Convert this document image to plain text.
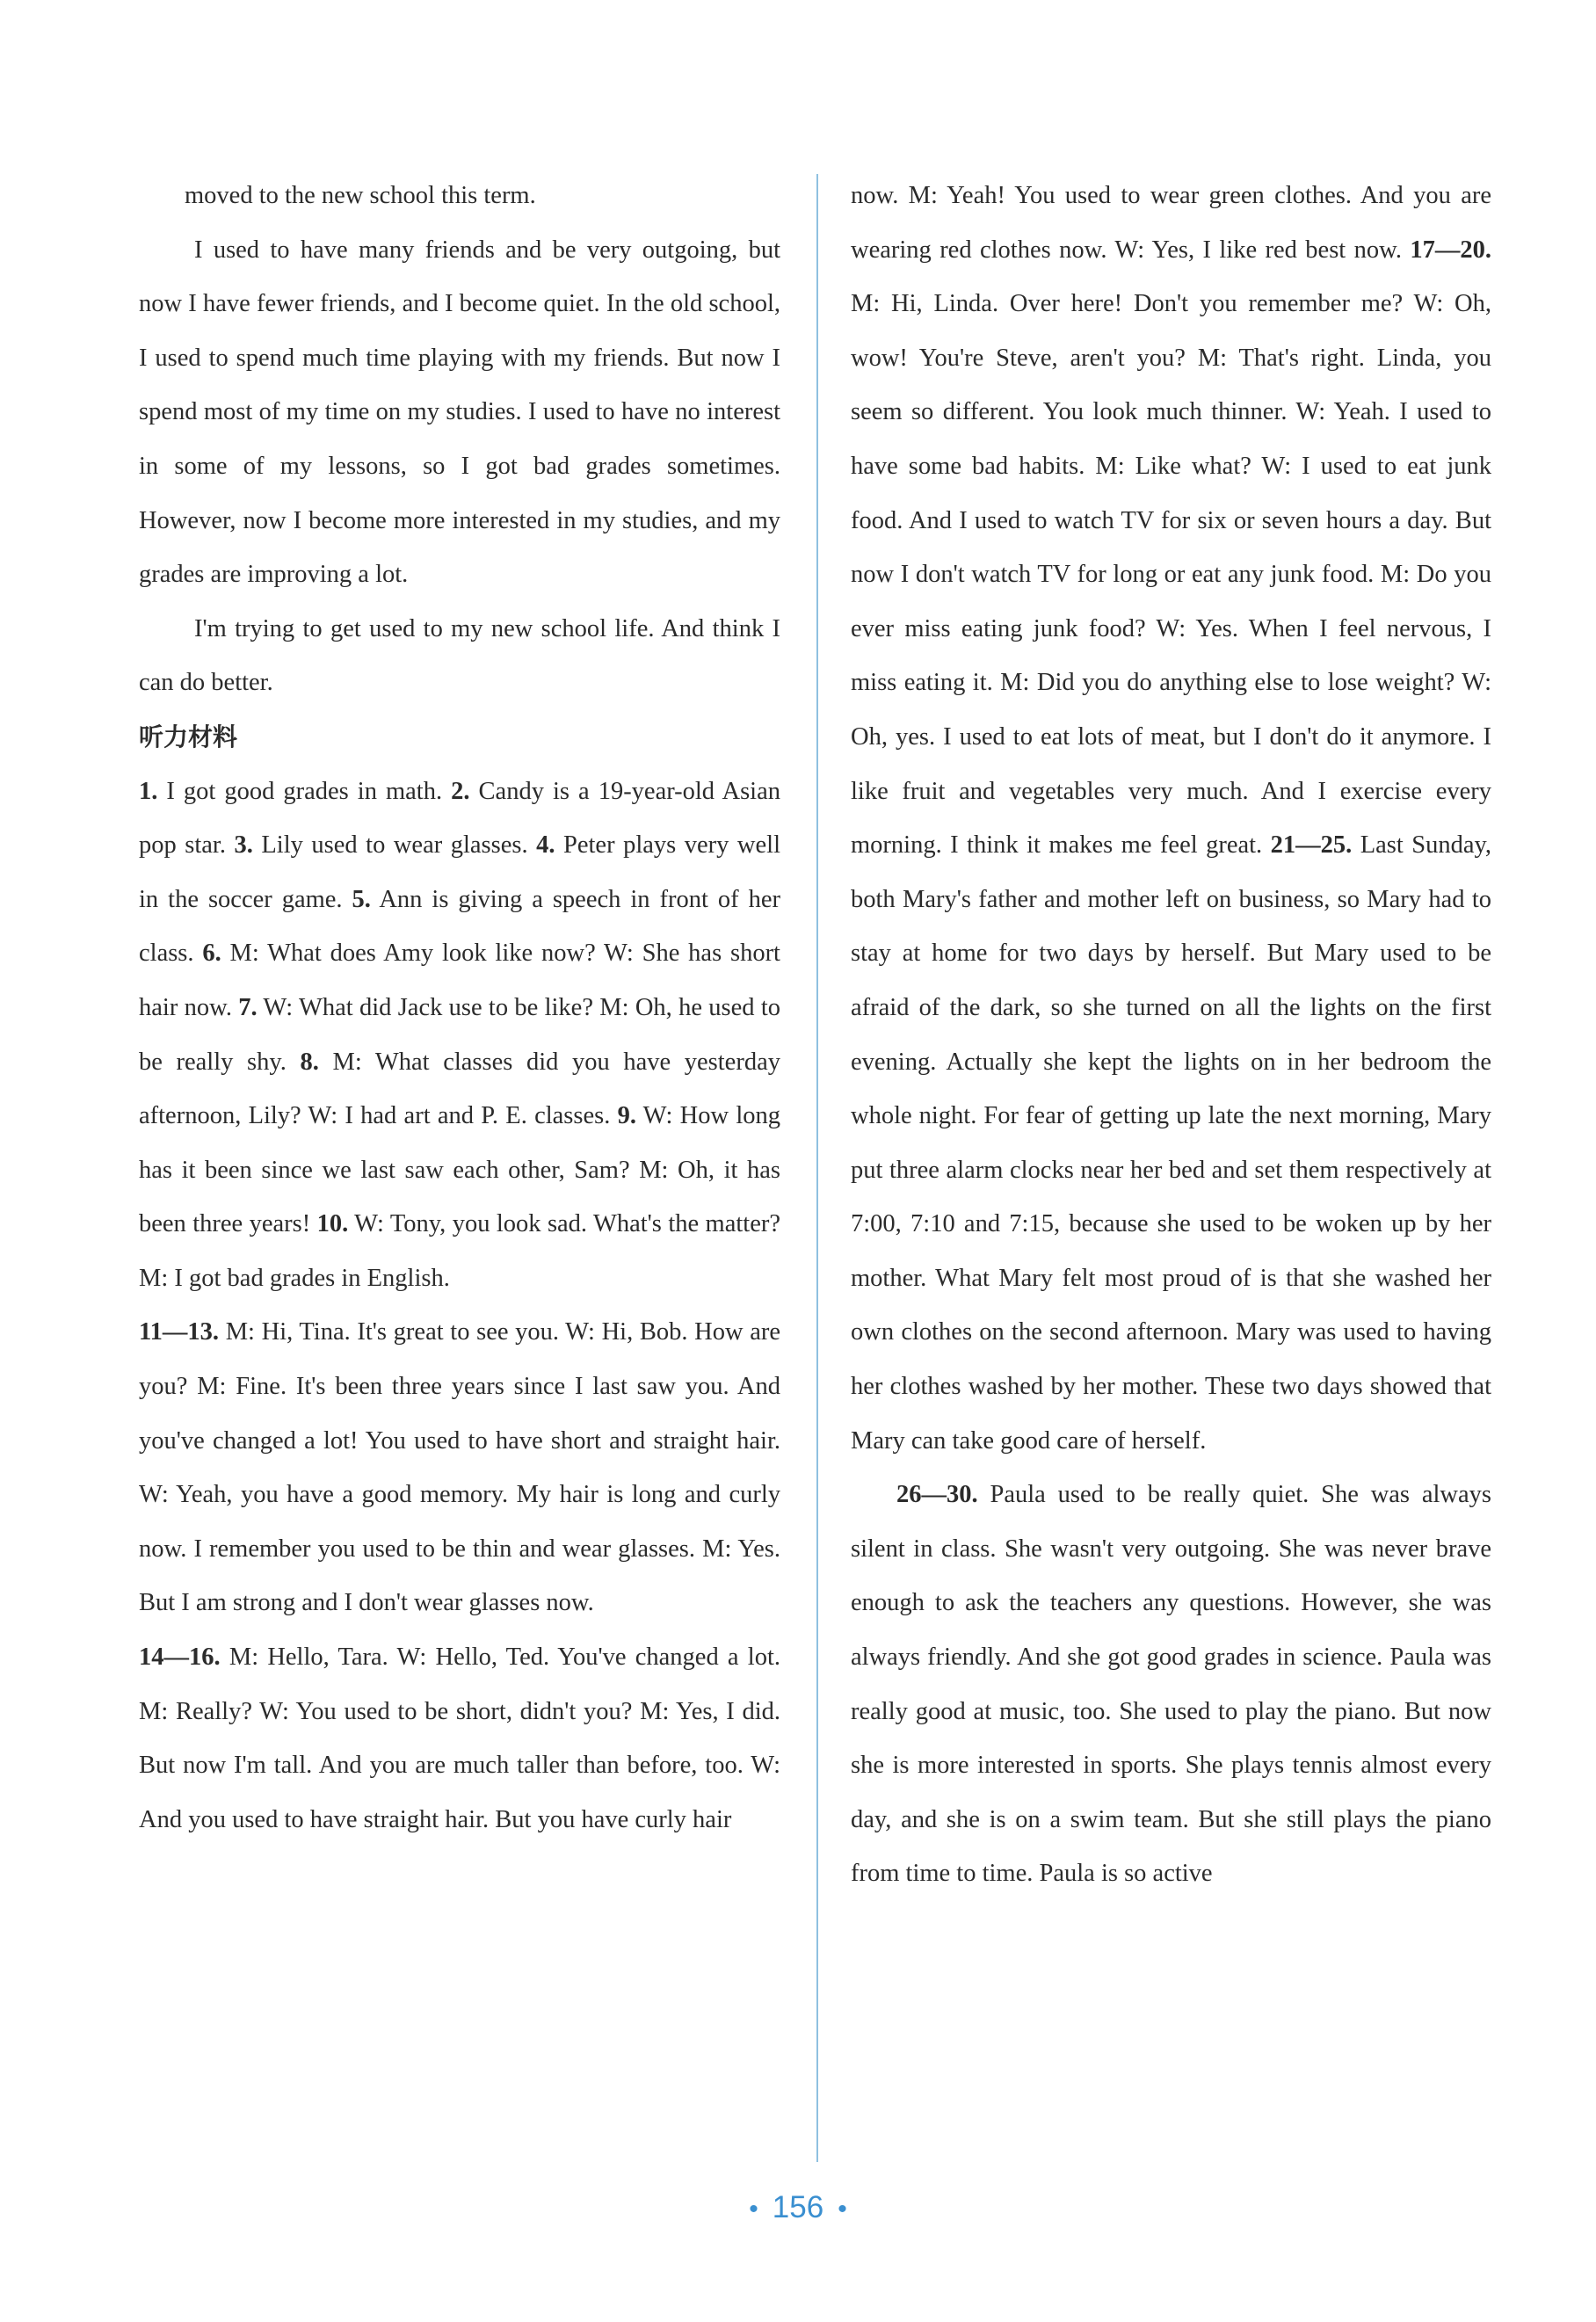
moved to the new school this term.

I used to have many friends and be very outgoing, but now I have fewer friends, and I become quiet. In the old school, I used to spend much time playing with my friends. But now I spend most of my time on my studies. I used to have no interest in some of my lessons, so I got bad grades sometimes. However, now I become more interested in my studies, and my grades are improving a lot.

I'm trying to get used to my new school life. And think I can do better.

听力材料

1. I got good grades in math. 2. Candy is a 19-year-old Asian pop star. 3. Lily used to wear glasses. 4. Peter plays very well in the soccer game. 5. Ann is giving a speech in front of her class. 6. M: What does Amy look like now? W: She has short hair now. 7. W: What did Jack use to be like? M: Oh, he used to be really shy. 8. M: What classes did you have yesterday afternoon, Lily? W: I had art and P. E. classes. 9. W: How long has it been since we last saw each other, Sam? M: Oh, it has been three years! 10. W: Tony, you look sad. What's the matter? M: I got bad grades in English.

11—13. M: Hi, Tina. It's great to see you. W: Hi, Bob. How are you? M: Fine. It's been three years since I last saw you. And you've changed a lot! You used to have short and straight hair. W: Yeah, you have a good memory. My hair is long and curly now. I remember you used to be thin and wear glasses. M: Yes. But I am strong and I don't wear glasses now.

14—16. M: Hello, Tara. W: Hello, Ted. You've changed a lot. M: Really? W: You used to be short, didn't you? M: Yes, I did. But now I'm tall. And you are much taller than before, too. W: And you used to have straight hair. But you have curly hair

now. M: Yeah! You used to wear green clothes. And you are wearing red clothes now. W: Yes, I like red best now. 17—20. M: Hi, Linda. Over here! Don't you remember me? W: Oh, wow! You're Steve, aren't you? M: That's right. Linda, you seem so different. You look much thinner. W: Yeah. I used to have some bad habits. M: Like what? W: I used to eat junk food. And I used to watch TV for six or seven hours a day. But now I don't watch TV for long or eat any junk food. M: Do you ever miss eating junk food? W: Yes. When I feel nervous, I miss eating it. M: Did you do anything else to lose weight? W: Oh, yes. I used to eat lots of meat, but I don't do it anymore. I like fruit and vegetables very much. And I exercise every morning. I think it makes me feel great. 21—25. Last Sunday, both Mary's father and mother left on business, so Mary had to stay at home for two days by herself. But Mary used to be afraid of the dark, so she turned on all the lights on the first evening. Actually she kept the lights on in her bedroom the whole night. For fear of getting up late the next morning, Mary put three alarm clocks near her bed and set them respectively at 7:00, 7:10 and 7:15, because she used to be woken up by her mother. What Mary felt most proud of is that she washed her own clothes on the second afternoon. Mary was used to having her clothes washed by her mother. These two days showed that Mary can take good care of herself.

26—30. Paula used to be really quiet. She was always silent in class. She wasn't very outgoing. She was never brave enough to ask the teachers any questions. However, she was always friendly. And she got good grades in science. Paula was really good at music, too. She used to play the piano. But now she is more interested in sports. She plays tennis almost every day, and she is on a swim team. But she still plays the piano from time to time. Paula is so active

• 156 •
